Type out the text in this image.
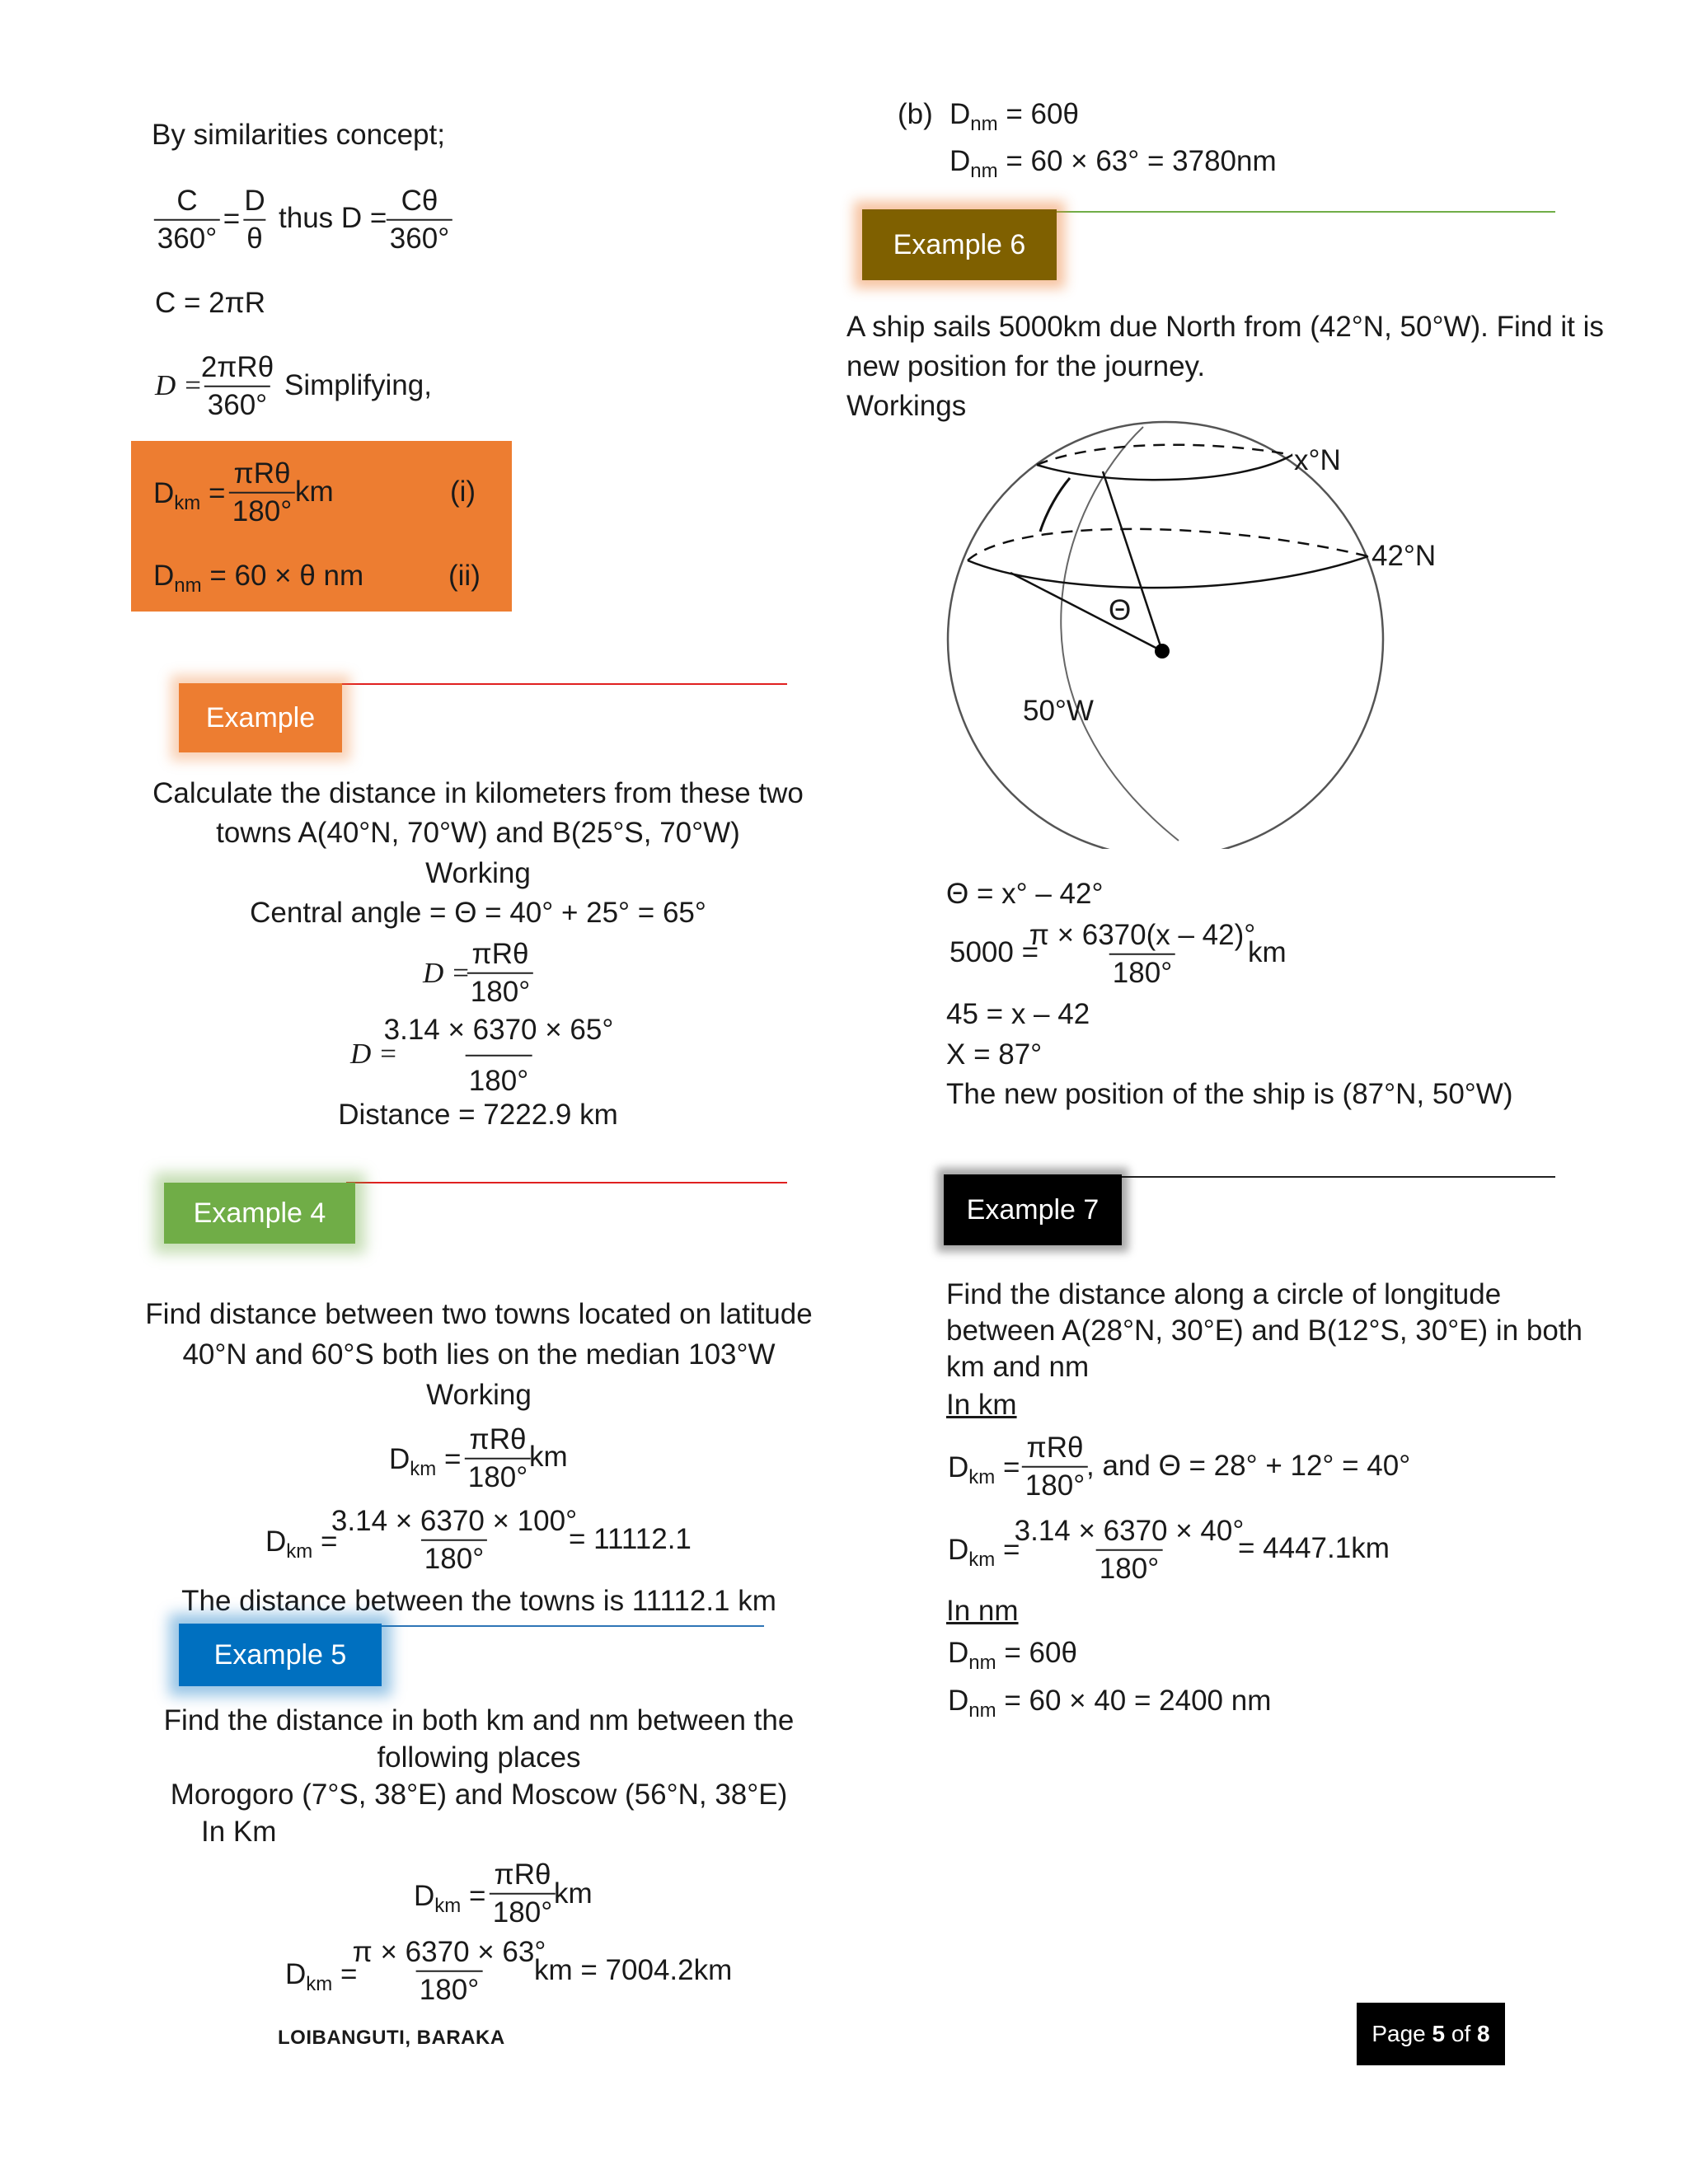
By similarities concept;
$\frac{C}{360^\circ} = \frac{D}{\theta}$ thus $D = \frac{C\theta}{360^\circ}$
C = 2πR
D =
2πRθ
360°
Simplifying,
$D_{km}$ =
πRθ
180°
km	(i)
$D_{nm} = 60 \times \theta$ nm	(ii)
Example
Calculate the distance in kilometers from these two
towns A(40°N, 70°W) and B(25°S, 70°W)
Working
Central angle = Θ = 40° + 25° = 65°
D =
πRθ
180°
D =
$\frac{3.14 \times 6370 \times 65^\circ}{180^\circ}$
Distance = 7222.9 km
Example 4
Find distance between two towns located on latitude
40°N and 60°S both lies on the median 103°W
Working
$D_{km}$ =
πRθ
180°
km
$D_{km}$ =
$\frac{3.14 \times 6370 \times 100^\circ}{180^\circ}$
= 11112.1
The distance between the towns is 11112.1 km
Example 5
Find the distance in both km and nm between the
following places
Morogoro (7°S, 38°E) and Moscow (56°N, 38°E)
In Km
$D_{km}$ =
πRθ
180°
km
$D_{km}$ =
$\frac{\pi \times 6370 \times 63^\circ}{180^\circ}$
km = 7004.2km
LOIBANGUTI, BARAKA
(b) $D_{nm} = 60\theta$
$D_{nm} = 60 \times 63^\circ = 3780nm$
Example 6
A ship sails 5000km due North from (42°N, 50°W). Find it is
new position for the journey.
Workings
x°N
42°N
Θ
50°W
Θ = x° – 42°
5000 =
$\frac{\pi \times 6370(x - 42)^\circ}{180^\circ}$
km
45 = x – 42
X = 87°
The new position of the ship is (87°N, 50°W)
Example 7
Find the distance along a circle of longitude
between A(28°N, 30°E) and B(12°S, 30°E) in both
km and nm
In km
$D_{km}$ =
πRθ
180°
, and Θ = 28° + 12° = 40°
$D_{km}$ =
$\frac{3.14 \times 6370 \times 40^\circ}{180^\circ}$
= 4447.1km
In nm
$D_{nm} = 60\theta$
$D_{nm} = 60 \times 40 = 2400$ nm
Page
5
of
8
